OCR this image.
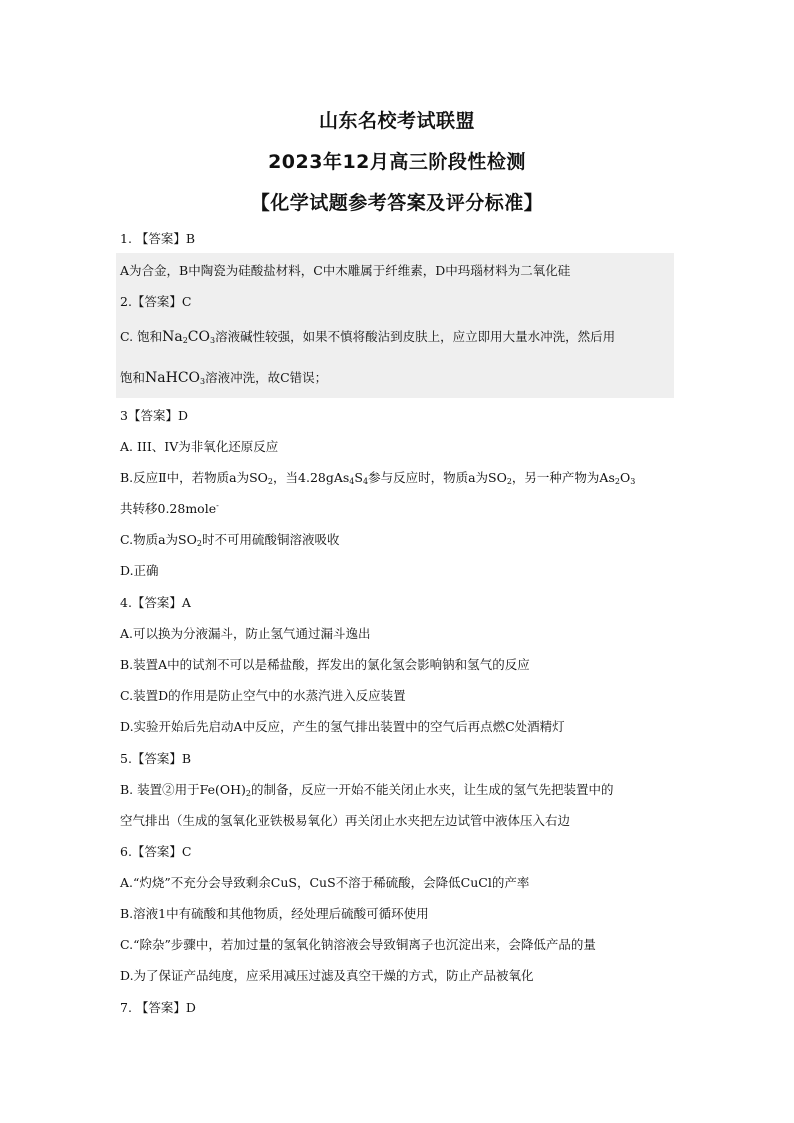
山东名校考试联盟
2023年12月高三阶段性检测
【化学试题参考答案及评分标准】
1. 【答案】B
A为合金，B中陶瓷为硅酸盐材料，C中木雕属于纤维素，D中玛瑙材料为二氧化硅
2.【答案】C
C. 饱和$Na_2CO_3$溶液碱性较强，如果不慎将酸沾到皮肤上，应立即用大量水冲洗，然后用
饱和NaHCO$_3$溶液冲洗，故C错误；
3【答案】D
A. III、IV为非氧化还原反应
B.反应Ⅱ中，若物质a为$SO_2$，当$4.28gAs_4S_4$参与反应时，物质a为$SO_2$，另一种产物为$As_2O_3$
共转移0.28mole-
C.物质a为$SO_2$时不可用硫酸铜溶液吸收
D.正确
4.【答案】A
A.可以换为分液漏斗，防止氢气通过漏斗逸出
B.装置A中的试剂不可以是稀盐酸，挥发出的氯化氢会影响钠和氢气的反应
C.装置D的作用是防止空气中的水蒸汽进入反应装置
D.实验开始后先启动A中反应，产生的氢气排出装置中的空气后再点燃C处酒精灯
5.【答案】B
B. 装置②用于$Fe(OH)_2$的制备，反应一开始不能关闭止水夹，让生成的氢气先把装置中的
空气排出（生成的氢氧化亚铁极易氧化）再关闭止水夹把左边试管中液体压入右边
6.【答案】C
A.“灼烧”不充分会导致剩余CuS，CuS不溶于稀硫酸，会降低CuCl的产率
B.溶液1中有硫酸和其他物质，经处理后硫酸可循环使用
C.“除杂”步骤中，若加过量的氢氧化钠溶液会导致铜离子也沉淀出来，会降低产品的量
D.为了保证产品纯度，应采用减压过滤及真空干燥的方式，防止产品被氧化
7. 【答案】D
